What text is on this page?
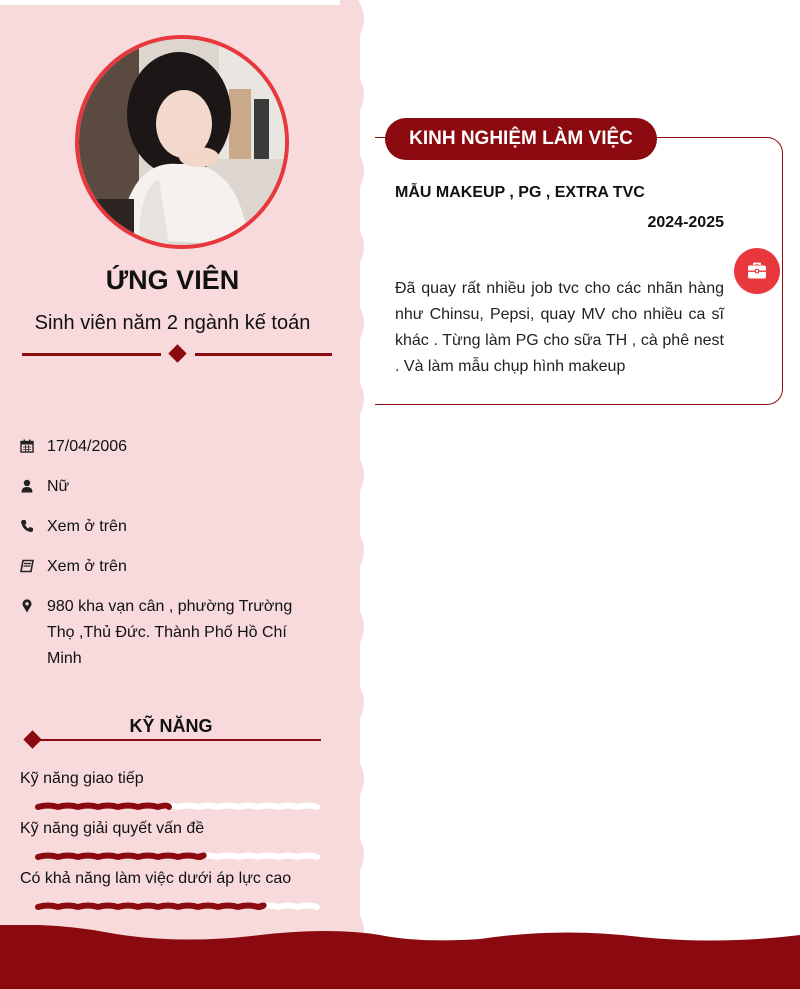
ỨNG VIÊN
Sinh viên năm 2 ngành kế toán
17/04/2006
Nữ
Xem ở trên
Xem ở trên
980 kha vạn cân , phường Trường Thọ ,Thủ Đức. Thành Phố Hồ Chí Minh
KỸ NĂNG
Kỹ năng giao tiếp
Kỹ năng giải quyết vấn đề
Có khả năng làm việc dưới áp lực cao
KINH NGHIỆM LÀM VIỆC
MẪU MAKEUP , PG , EXTRA TVC
2024-2025
Đã quay rất nhiều job tvc cho các nhãn hàng như Chinsu, Pepsi, quay MV cho nhiều ca sĩ khác . Từng làm PG cho sữa TH , cà phê nest . Và làm mẫu chụp hình makeup
